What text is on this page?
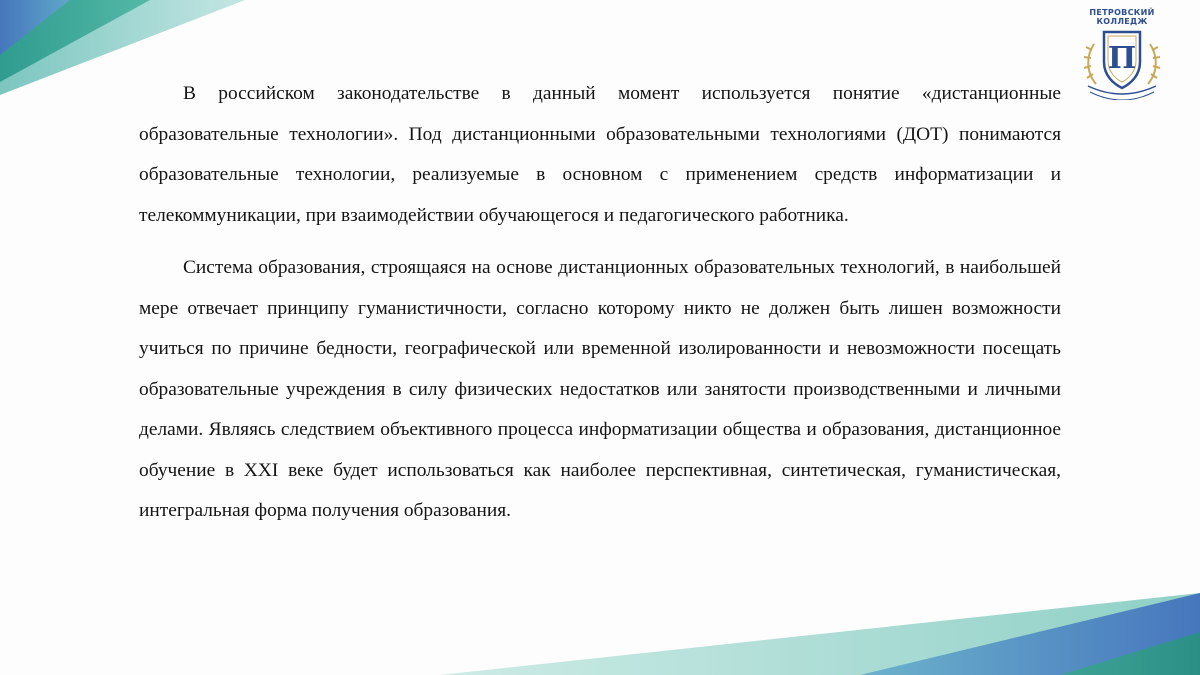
ПЕТРОВСКИЙ
КОЛЛЕДЖ
П

В российском законодательстве в данный момент используется понятие «дистанционные образовательные технологии». Под дистанционными образовательными технологиями (ДОТ) понимаются образовательные технологии, реализуемые в основном с применением средств информатизации и телекоммуникации, при взаимодействии обучающегося и педагогического работника.

Система образования, строящаяся на основе дистанционных образовательных технологий, в наибольшей мере отвечает принципу гуманистичности, согласно которому никто не должен быть лишен возможности учиться по причине бедности, географической или временной изолированности и невозможности посещать образовательные учреждения в силу физических недостатков или занятости производственными и личными делами. Являясь следствием объективного процесса информатизации общества и образования, дистанционное обучение в XXI веке будет использоваться как наиболее перспективная, синтетическая, гуманистическая, интегральная форма получения образования.
